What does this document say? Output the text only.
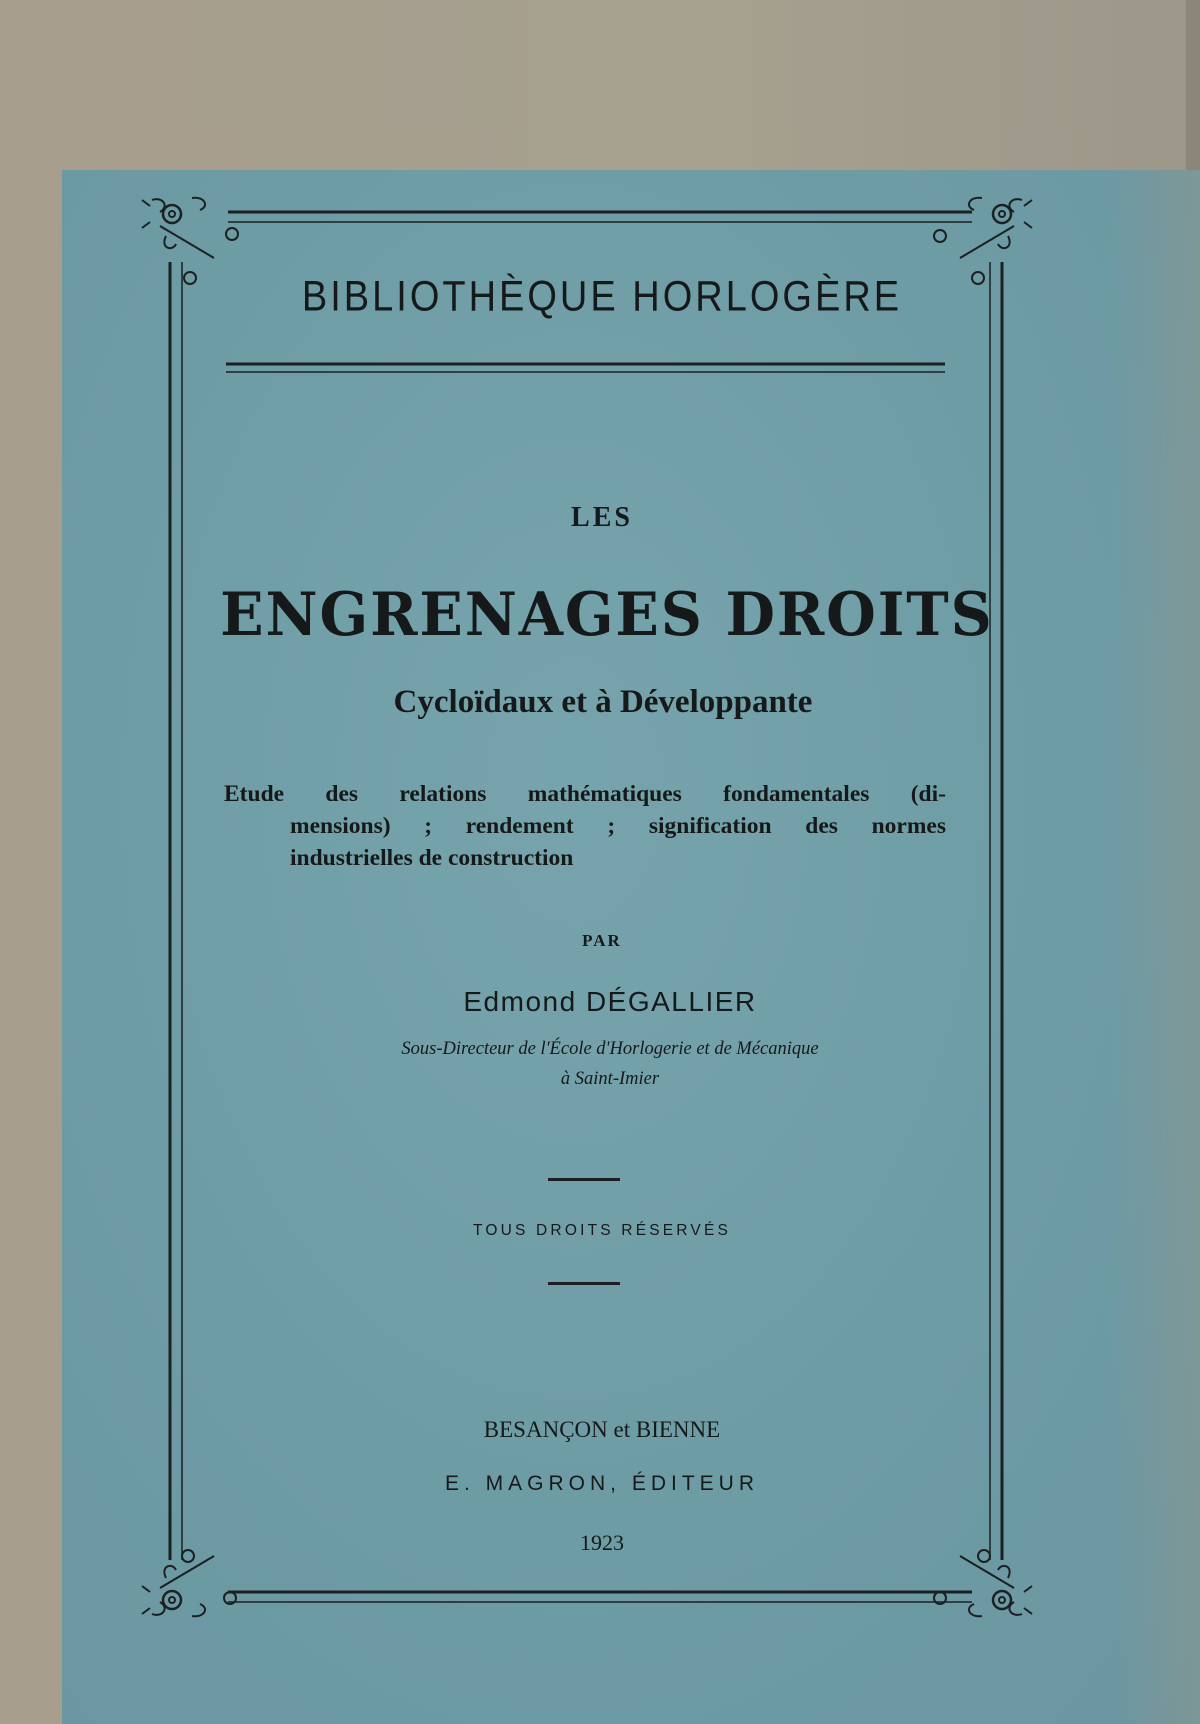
BIBLIOTHÈQUE HORLOGÈRE
LES
ENGRENAGES DROITS
Cycloïdaux et à Développante
Etude des relations mathématiques fondamentales (di-
mensions) ; rendement ; signification des normes
industrielles de construction
PAR
Edmond DÉGALLIER
Sous-Directeur de l'École d'Horlogerie et de Mécanique
à Saint-Imier
TOUS DROITS RÉSERVÉS
BESANÇON et BIENNE
E. MAGRON, ÉDITEUR
1923
